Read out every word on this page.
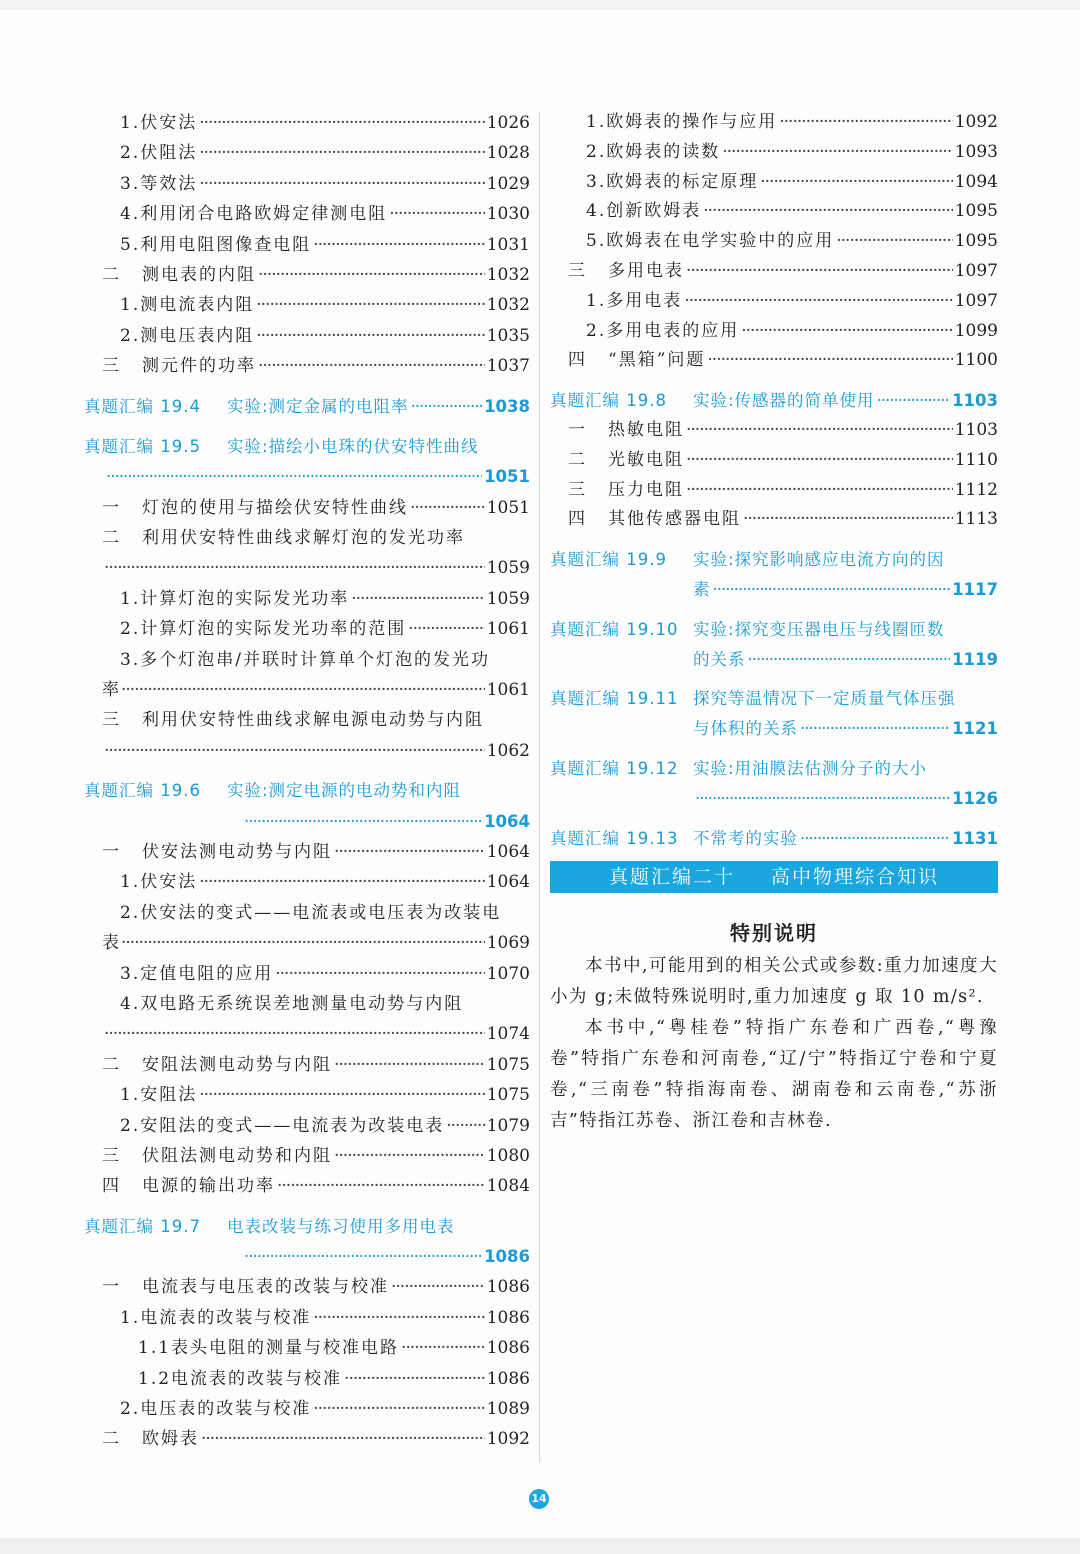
1.伏安法 ·····	1026
2.伏阻法 ·····	1028
3.等效法 ·····	1029
4.利用闭合电路欧姆定律测电阻 ·····	1030
5.利用电阻图像查电阻 ·····	1031
二	测电表的内阻 ·····	1032
1.测电流表内阻 ·····	1032
2.测电压表内阻 ·····	1035
三	测元件的功率 ·····	1037
真题汇编 19.4	实验:测定金属的电阻率 ·····	1038
真题汇编 19.5	实验:描绘小电珠的伏安特性曲线
·····
1051
一	灯泡的使用与描绘伏安特性曲线 ·····	1051
二	利用伏安特性曲线求解灯泡的发光功率
·····
1059
1.计算灯泡的实际发光功率 ·····	1059
2.计算灯泡的实际发光功率的范围 ·····	1061
3.多个灯泡串/并联时计算单个灯泡的发光功
率 ·····	1061
三	利用伏安特性曲线求解电源电动势与内阻
·····
1062
真题汇编 19.6	实验:测定电源的电动势和内阻
·····
1064
一	伏安法测电动势与内阻 ·····	1064
1.伏安法 ·····	1064
2.伏安法的变式——电流表或电压表为改装电
表 ·····	1069
3.定值电阻的应用 ·····	1070
4.双电路无系统误差地测量电动势与内阻
·····
1074
二	安阻法测电动势与内阻 ·····	1075
1.安阻法 ·····	1075
2.安阻法的变式——电流表为改装电表 ·····	1079
三	伏阻法测电动势和内阻 ·····	1080
四	电源的输出功率 ·····	1084
真题汇编 19.7	电表改装与练习使用多用电表
·····
1086
一	电流表与电压表的改装与校准 ·····	1086
1.电流表的改装与校准 ·····	1086
1.1表头电阻的测量与校准电路 ·····	1086
1.2电流表的改装与校准 ·····	1086
2.电压表的改装与校准 ·····	1089
二	欧姆表 ·····	1092
1.欧姆表的操作与应用 ·····	1092
2.欧姆表的读数 ·····	1093
3.欧姆表的标定原理 ·····	1094
4.创新欧姆表 ·····	1095
5.欧姆表在电学实验中的应用 ·····	1095
三	多用电表 ·····	1097
1.多用电表 ·····	1097
2.多用电表的应用 ·····	1099
四	“黑箱”问题 ·····	1100
真题汇编 19.8	实验:传感器的简单使用 ·····	1103
一	热敏电阻 ·····	1103
二	光敏电阻 ·····	1110
三	压力电阻 ·····	1112
四	其他传感器电阻 ·····	1113
真题汇编 19.9	实验:探究影响感应电流方向的因
素 ·····	1117
真题汇编 19.10 实验:探究变压器电压与线圈匝数
的关系 ·····	1119
真题汇编 19.11 探究等温情况下一定质量气体压强
与体积的关系 ·····	1121
真题汇编 19.12 实验:用油膜法估测分子的大小
·····
1126
真题汇编 19.13 不常考的实验 ·····	1131
真题汇编二十 高中物理综合知识
特别说明

本书中,可能用到的相关公式或参数:重力加速度大小为 g;未做特殊说明时,重力加速度 g 取 10 m/s².

本书中,“粤桂卷”特指广东卷和广西卷,“粤豫卷”特指广东卷和河南卷,“辽/宁”特指辽宁卷和宁夏卷,“三南卷”特指海南卷、湖南卷和云南卷,“苏浙吉”特指江苏卷、浙江卷和吉林卷.

14
